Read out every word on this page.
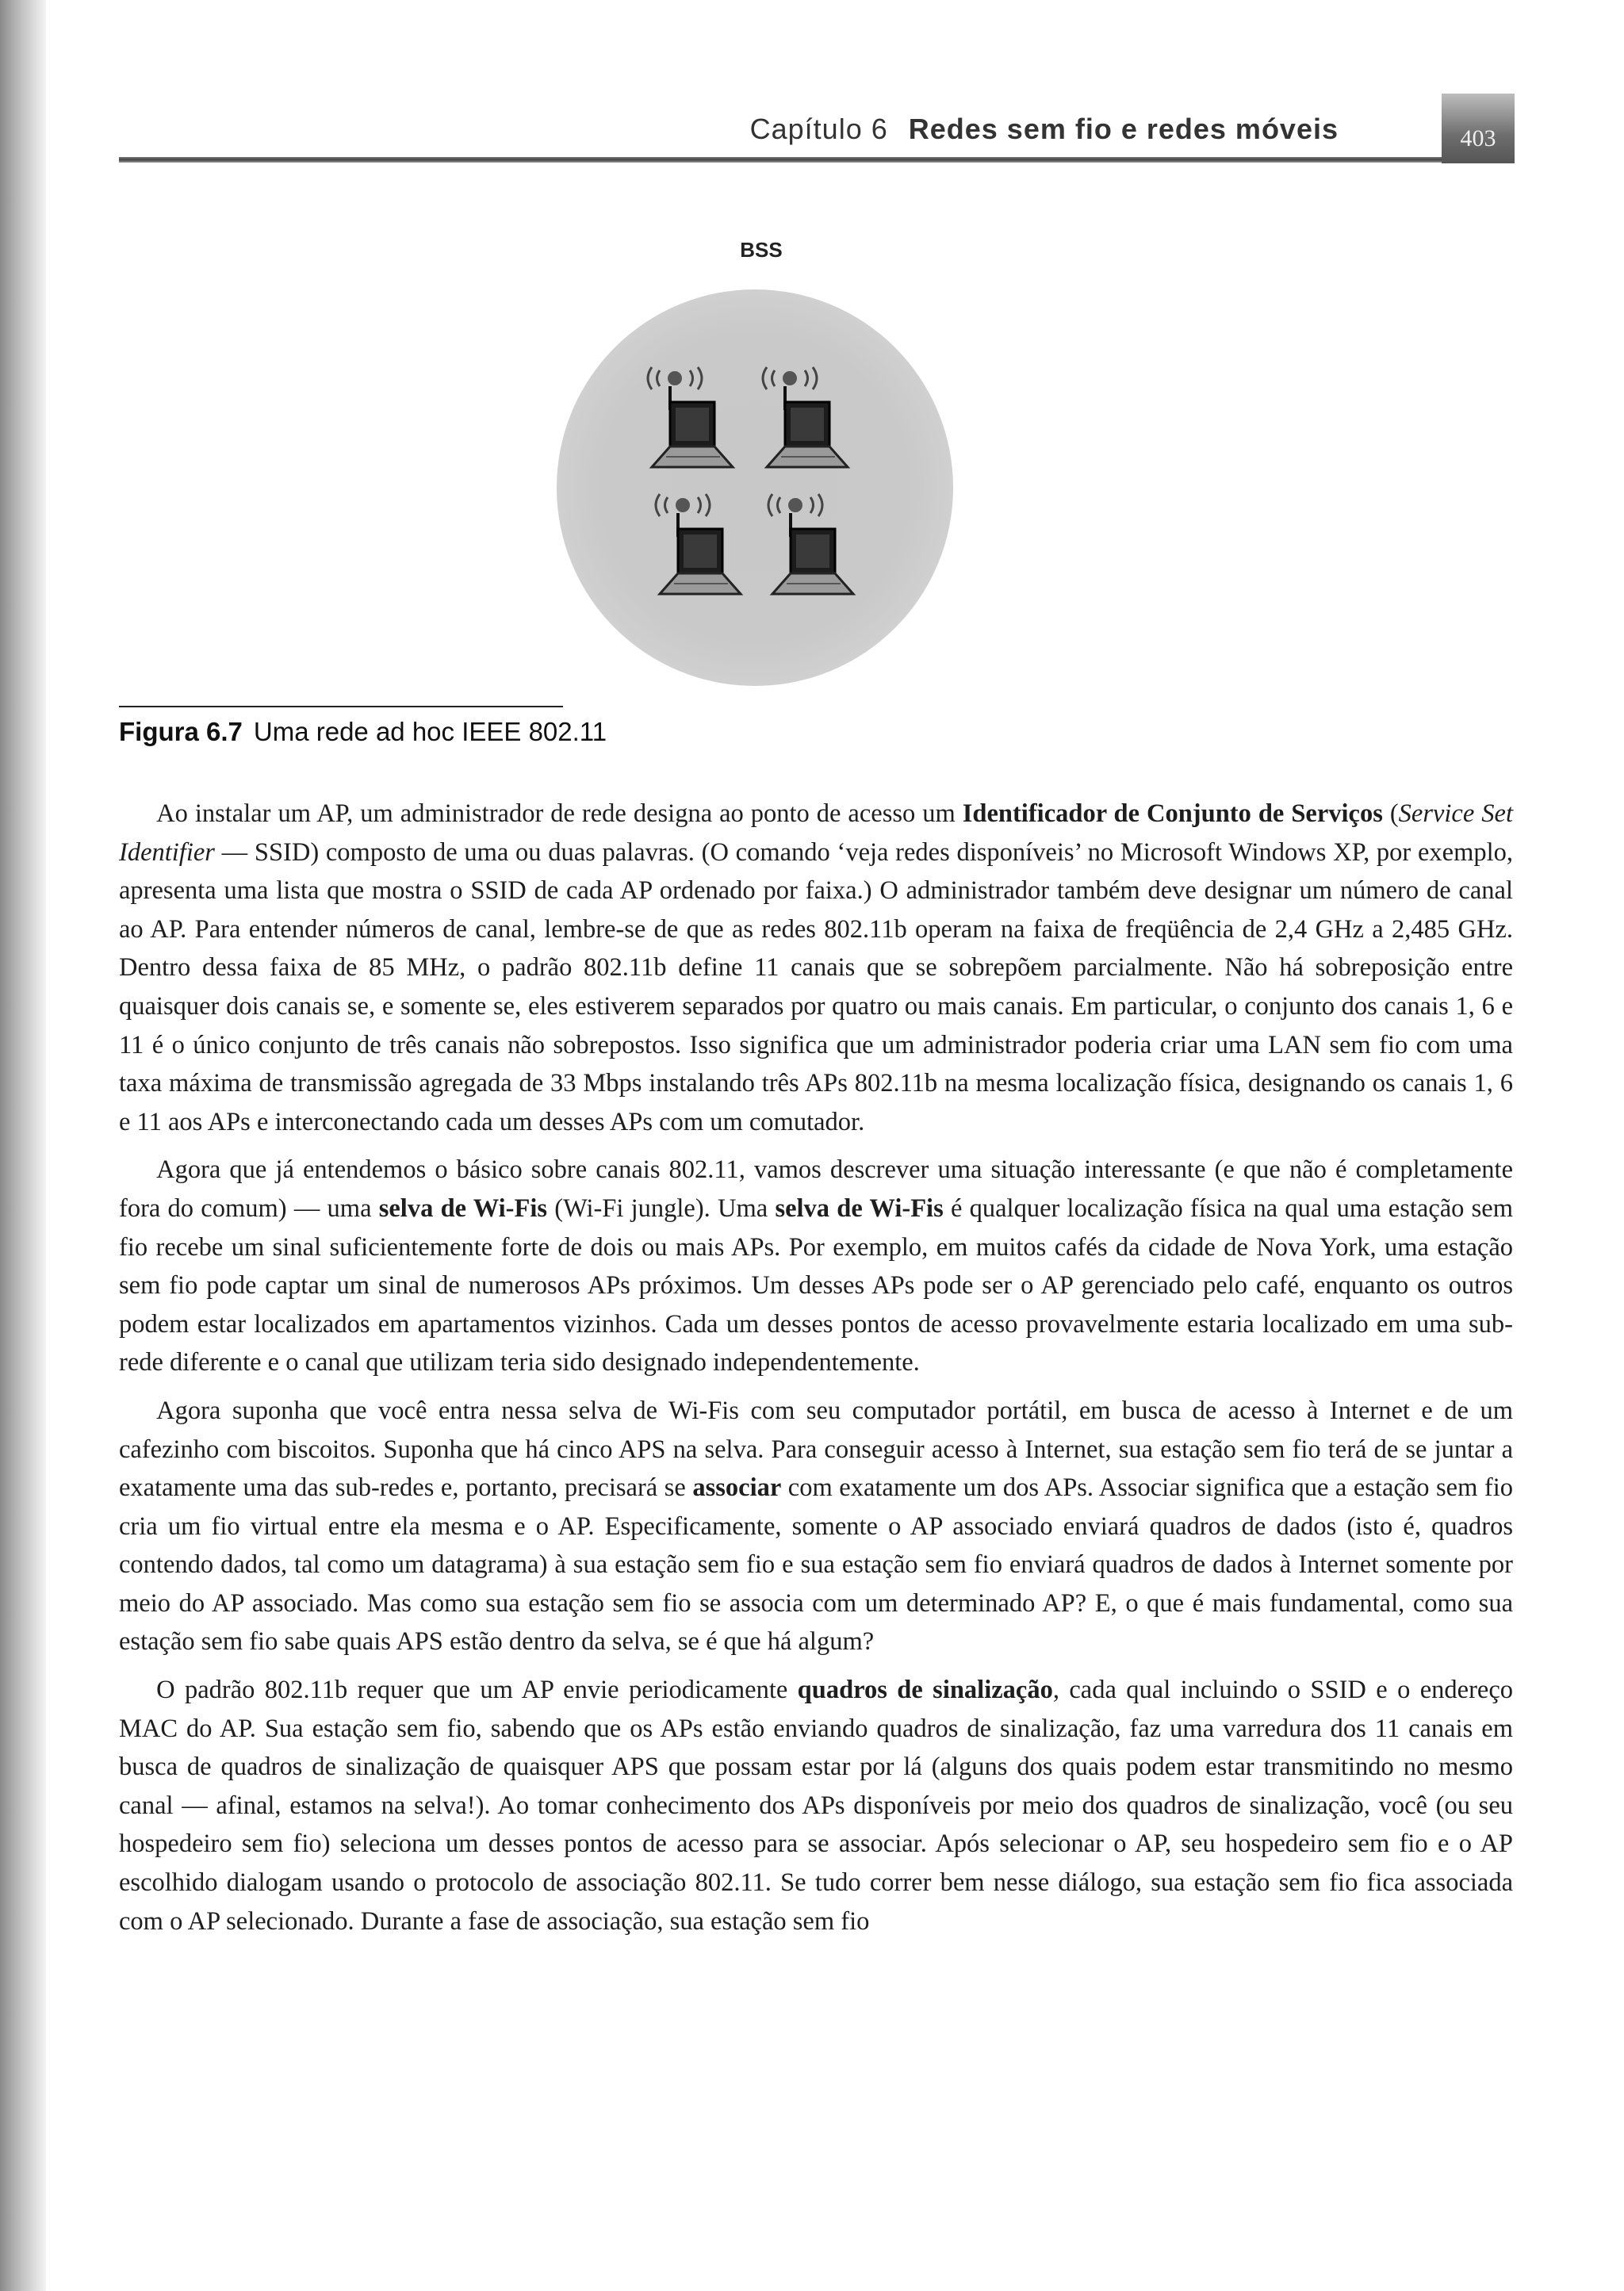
Capítulo 6 Redes sem fio e redes móveis	403
BSS
Figura 6.7 Uma rede ad hoc IEEE 802.11

Ao instalar um AP, um administrador de rede designa ao ponto de acesso um Identificador de Conjunto de Serviços (Service Set Identifier — SSID) composto de uma ou duas palavras. (O comando ‘veja redes disponíveis’ no Microsoft Windows XP, por exemplo, apresenta uma lista que mostra o SSID de cada AP ordenado por faixa.) O administrador também deve designar um número de canal ao AP. Para entender números de canal, lembre-se de que as redes 802.11b operam na faixa de freqüência de 2,4 GHz a 2,485 GHz. Dentro dessa faixa de 85 MHz, o padrão 802.11b define 11 canais que se sobrepõem parcialmente. Não há sobreposição entre quaisquer dois canais se, e somente se, eles estiverem separados por quatro ou mais canais. Em particular, o conjunto dos canais 1, 6 e 11 é o único conjunto de três canais não sobrepostos. Isso significa que um administrador poderia criar uma LAN sem fio com uma taxa máxima de transmissão agregada de 33 Mbps instalando três APs 802.11b na mesma localização física, designando os canais 1, 6 e 11 aos APs e interconectando cada um desses APs com um comutador.

Agora que já entendemos o básico sobre canais 802.11, vamos descrever uma situação interessante (e que não é completamente fora do comum) — uma selva de Wi-Fis (Wi-Fi jungle). Uma selva de Wi-Fis é qualquer localização física na qual uma estação sem fio recebe um sinal suficientemente forte de dois ou mais APs. Por exemplo, em muitos cafés da cidade de Nova York, uma estação sem fio pode captar um sinal de numerosos APs próximos. Um desses APs pode ser o AP gerenciado pelo café, enquanto os outros podem estar localizados em apartamentos vizinhos. Cada um desses pontos de acesso provavelmente estaria localizado em uma sub-rede diferente e o canal que utilizam teria sido designado independentemente.

Agora suponha que você entra nessa selva de Wi-Fis com seu computador portátil, em busca de acesso à Internet e de um cafezinho com biscoitos. Suponha que há cinco APS na selva. Para conseguir acesso à Internet, sua estação sem fio terá de se juntar a exatamente uma das sub-redes e, portanto, precisará se associar com exatamente um dos APs. Associar significa que a estação sem fio cria um fio virtual entre ela mesma e o AP. Especificamente, somente o AP associado enviará quadros de dados (isto é, quadros contendo dados, tal como um datagrama) à sua estação sem fio e sua estação sem fio enviará quadros de dados à Internet somente por meio do AP associado. Mas como sua estação sem fio se associa com um determinado AP? E, o que é mais fundamental, como sua estação sem fio sabe quais APS estão dentro da selva, se é que há algum?

O padrão 802.11b requer que um AP envie periodicamente quadros de sinalização, cada qual incluindo o SSID e o endereço MAC do AP. Sua estação sem fio, sabendo que os APs estão enviando quadros de sinalização, faz uma varredura dos 11 canais em busca de quadros de sinalização de quaisquer APS que possam estar por lá (alguns dos quais podem estar transmitindo no mesmo canal — afinal, estamos na selva!). Ao tomar conhecimento dos APs disponíveis por meio dos quadros de sinalização, você (ou seu hospedeiro sem fio) seleciona um desses pontos de acesso para se associar. Após selecionar o AP, seu hospedeiro sem fio e o AP escolhido dialogam usando o protocolo de associação 802.11. Se tudo correr bem nesse diálogo, sua estação sem fio fica associada com o AP selecionado. Durante a fase de associação, sua estação sem fio
